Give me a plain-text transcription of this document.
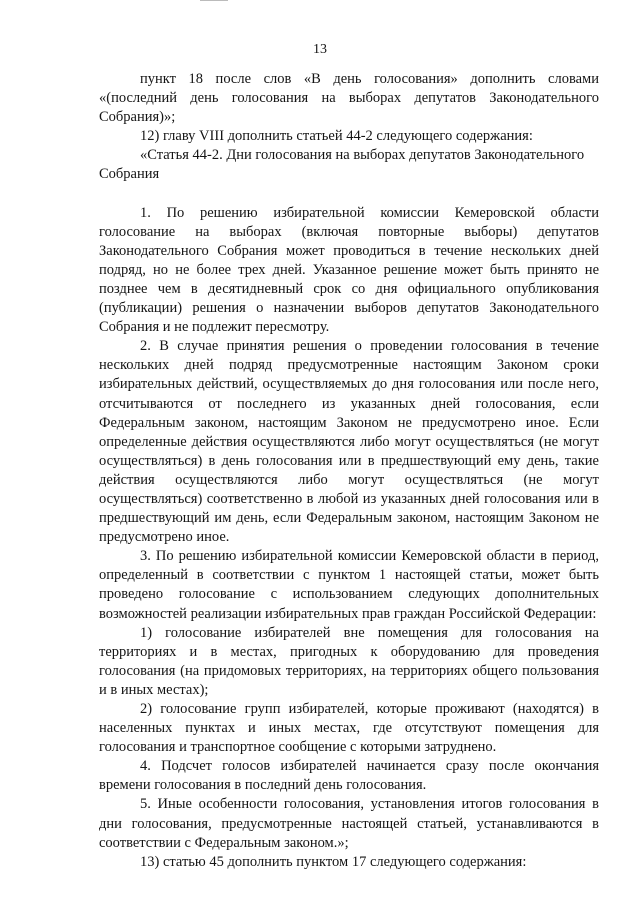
13

пункт 18 после слов «В день голосования» дополнить словами «(последний день голосования на выборах депутатов Законодательного Собрания)»;

12) главу VIII дополнить статьей 44-2 следующего содержания:

«Статья 44-2. Дни голосования на выборах депутатов Законодательного Собрания

1. По решению избирательной комиссии Кемеровской области голосование на выборах (включая повторные выборы) депутатов Законодательного Собрания может проводиться в течение нескольких дней подряд, но не более трех дней. Указанное решение может быть принято не позднее чем в десятидневный срок со дня официального опубликования (публикации) решения о назначении выборов депутатов Законодательного Собрания и не подлежит пересмотру.

2. В случае принятия решения о проведении голосования в течение нескольких дней подряд предусмотренные настоящим Законом сроки избирательных действий, осуществляемых до дня голосования или после него, отсчитываются от последнего из указанных дней голосования, если Федеральным законом, настоящим Законом не предусмотрено иное. Если определенные действия осуществляются либо могут осуществляться (не могут осуществляться) в день голосования или в предшествующий ему день, такие действия осуществляются либо могут осуществляться (не могут осуществляться) соответственно в любой из указанных дней голосования или в предшествующий им день, если Федеральным законом, настоящим Законом не предусмотрено иное.

3. По решению избирательной комиссии Кемеровской области в период, определенный в соответствии с пунктом 1 настоящей статьи, может быть проведено голосование с использованием следующих дополнительных возможностей реализации избирательных прав граждан Российской Федерации:

1) голосование избирателей вне помещения для голосования на территориях и в местах, пригодных к оборудованию для проведения голосования (на придомовых территориях, на территориях общего пользования и в иных местах);

2) голосование групп избирателей, которые проживают (находятся) в населенных пунктах и иных местах, где отсутствуют помещения для голосования и транспортное сообщение с которыми затруднено.

4. Подсчет голосов избирателей начинается сразу после окончания времени голосования в последний день голосования.

5. Иные особенности голосования, установления итогов голосования в дни голосования, предусмотренные настоящей статьей, устанавливаются в соответствии с Федеральным законом.»;

13) статью 45 дополнить пунктом 17 следующего содержания:
